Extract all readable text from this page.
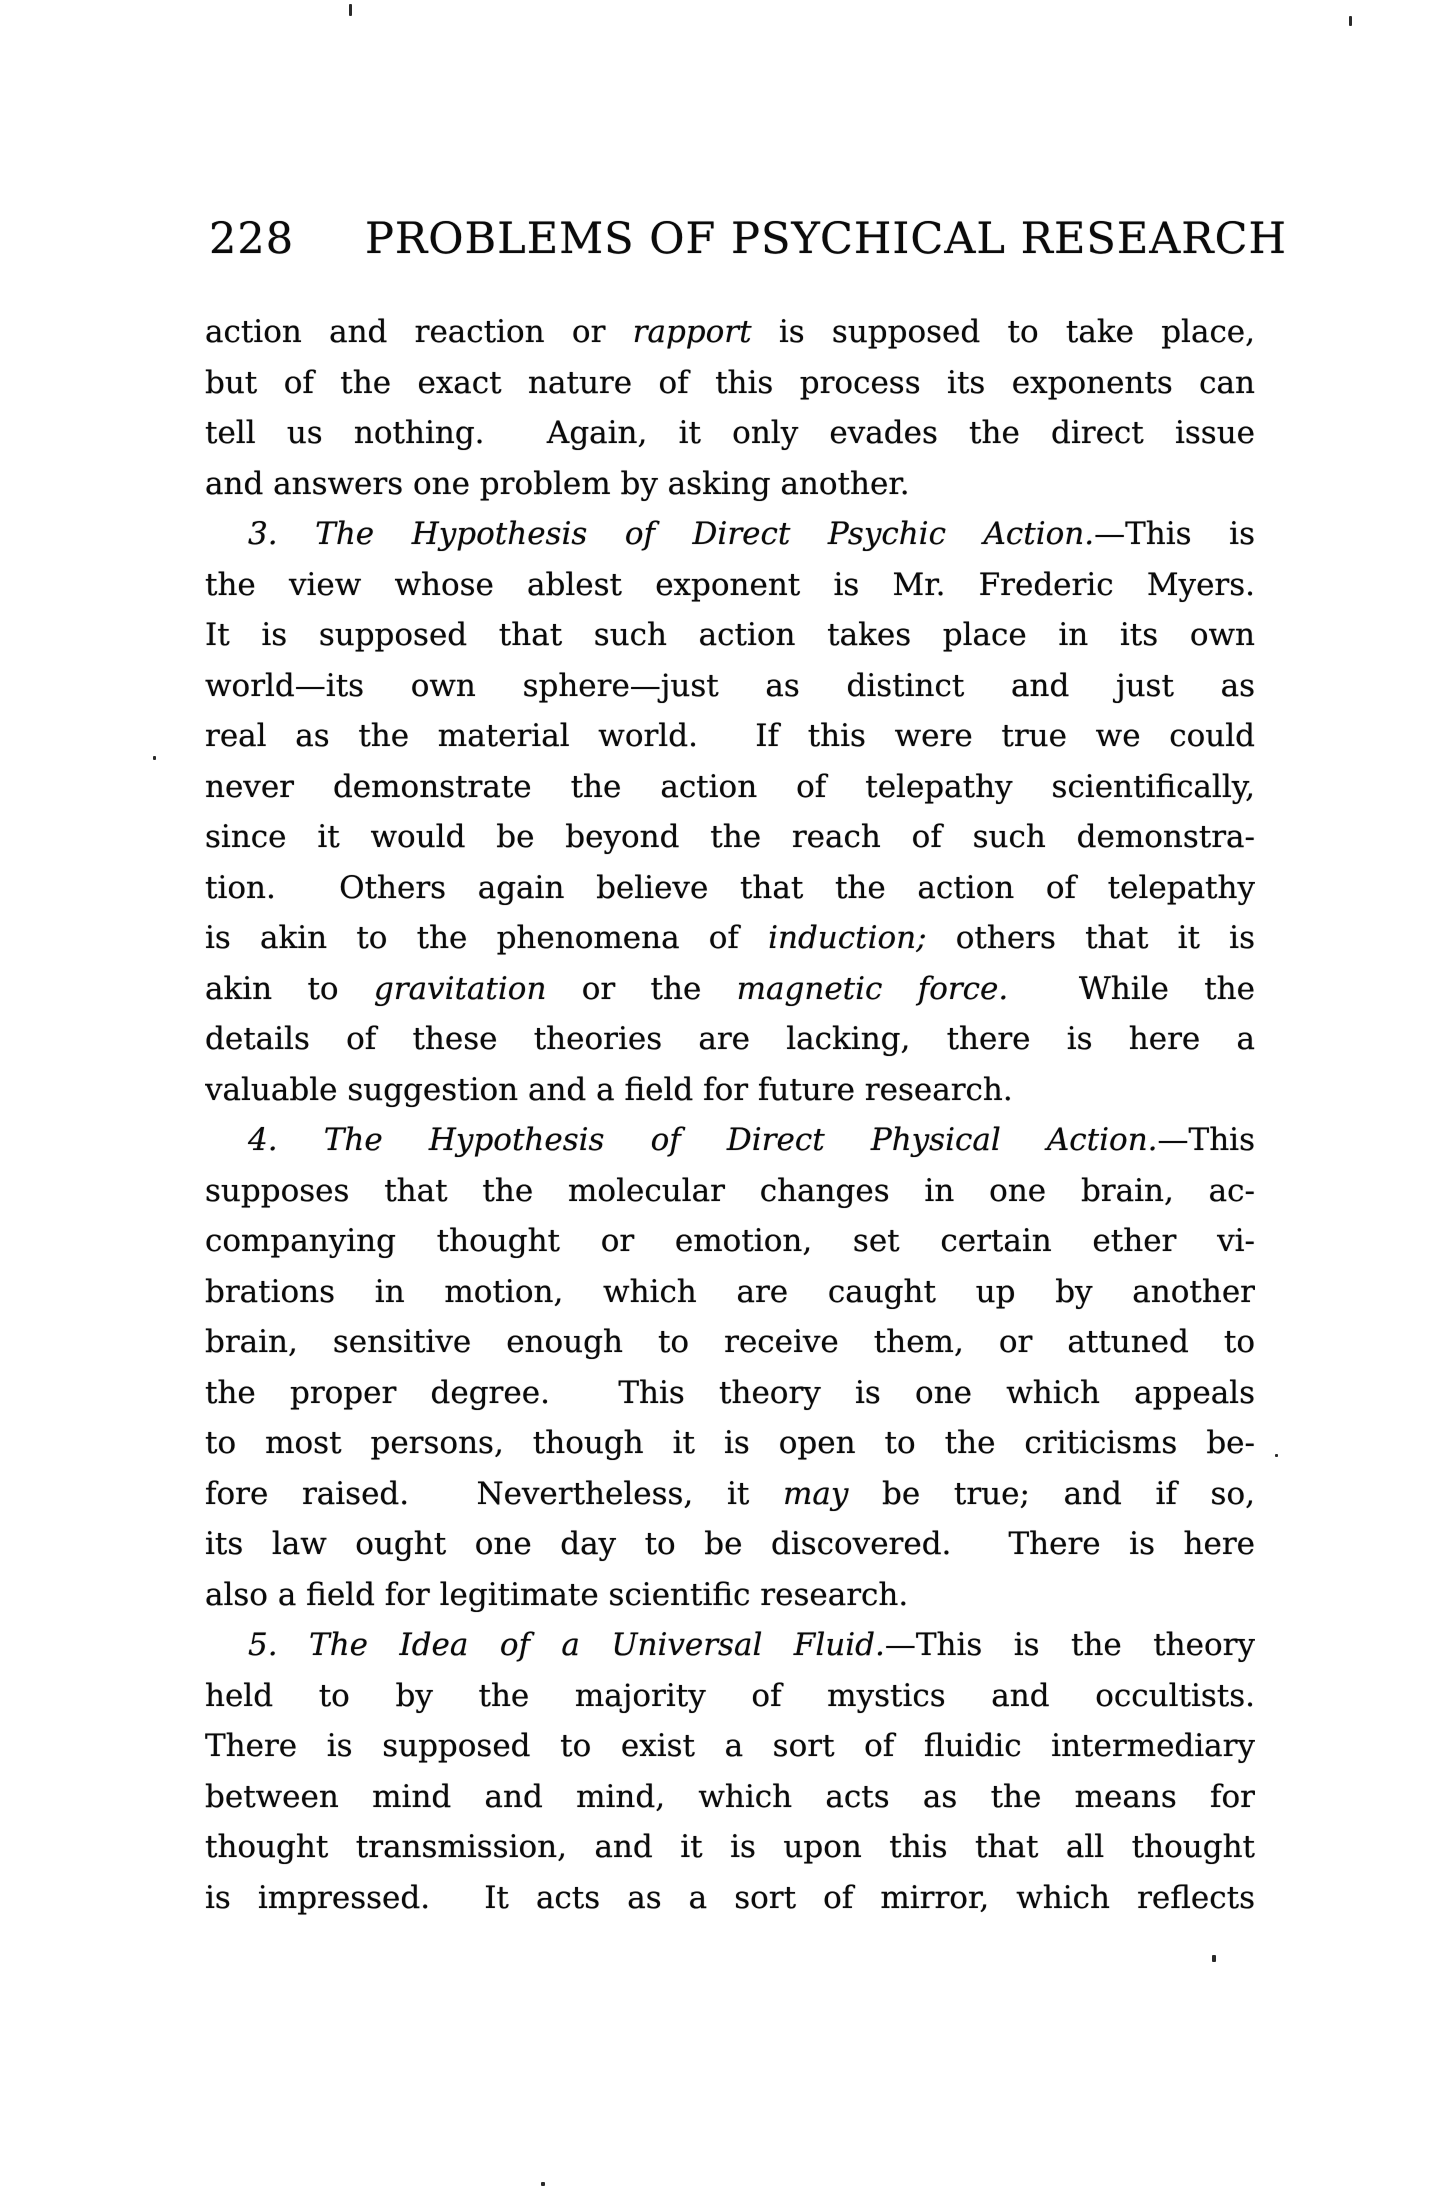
228 PROBLEMS OF PSYCHICAL RESEARCH
action and reaction or rapport is supposed to take place,
but of the exact nature of this process its exponents can
tell us nothing.  Again, it only evades the direct issue
and answers one problem by asking another.
3. The Hypothesis of Direct Psychic Action.—This is
the view whose ablest exponent is Mr. Frederic Myers.
It is supposed that such action takes place in its own
world—its own sphere—just as distinct and just as
real as the material world.  If this were true we could
never demonstrate the action of telepathy scientifically,
since it would be beyond the reach of such demonstra-
tion.  Others again believe that the action of telepathy
is akin to the phenomena of induction; others that it is
akin to gravitation or the magnetic force.  While the
details of these theories are lacking, there is here a
valuable suggestion and a field for future research.
4. The Hypothesis of Direct Physical Action.—This
supposes that the molecular changes in one brain, ac-
companying thought or emotion, set certain ether vi-
brations in motion, which are caught up by another
brain, sensitive enough to receive them, or attuned to
the proper degree.  This theory is one which appeals
to most persons, though it is open to the criticisms be-
fore raised.  Nevertheless, it may be true; and if so,
its law ought one day to be discovered.  There is here
also a field for legitimate scientific research.
5. The Idea of a Universal Fluid.—This is the theory
held to by the majority of mystics and occultists.
There is supposed to exist a sort of fluidic intermediary
between mind and mind, which acts as the means for
thought transmission, and it is upon this that all thought
is impressed.  It acts as a sort of mirror, which reflects
